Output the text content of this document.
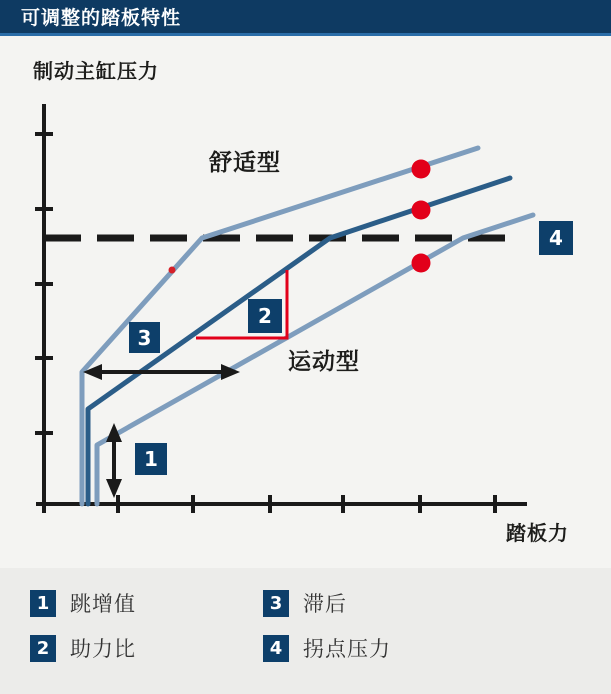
可调整的踏板特性
制动主缸压力
踏板力
舒适型
运动型
1
2
3
4
1 跳增值
2 助力比
3 滞后
4 拐点压力
